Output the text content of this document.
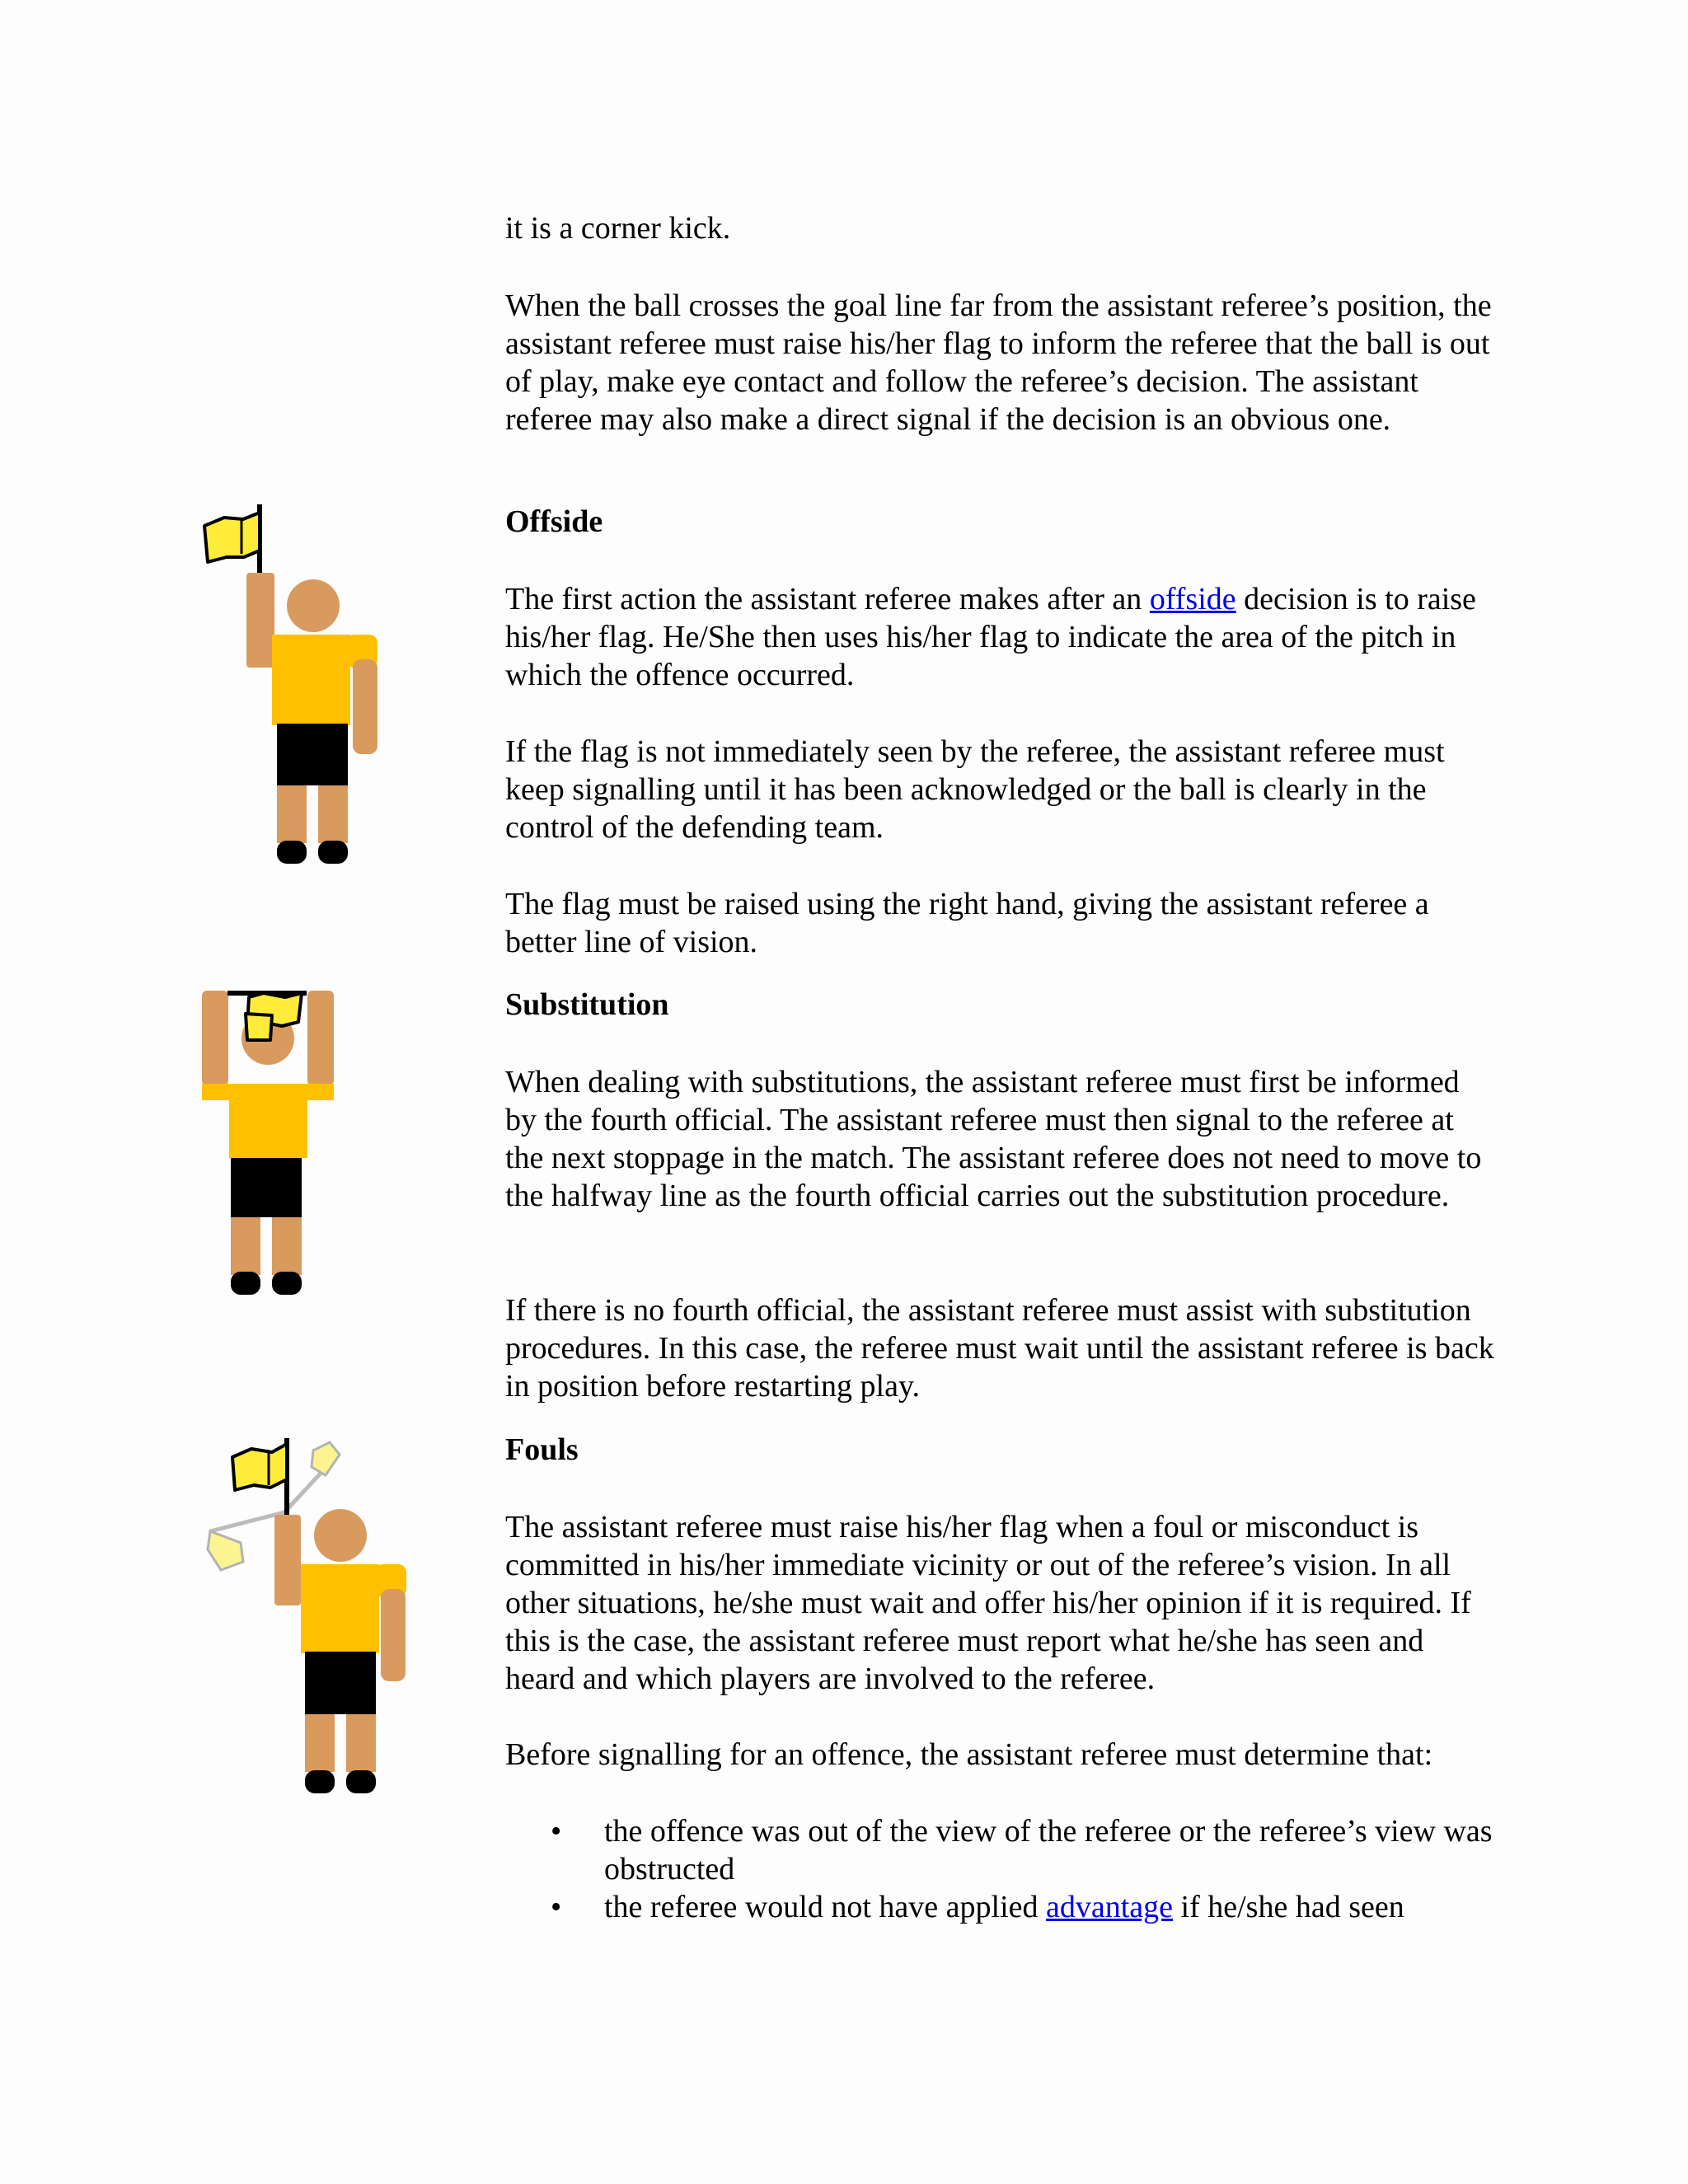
it is a corner kick.

When the ball crosses the goal line far from the assistant referee’s position, the assistant referee must raise his/her flag to inform the referee that the ball is out of play, make eye contact and follow the referee’s decision. The assistant referee may also make a direct signal if the decision is an obvious one.

Offside

The first action the assistant referee makes after an offside decision is to raise his/her flag. He/She then uses his/her flag to indicate the area of the pitch in which the offence occurred.

If the flag is not immediately seen by the referee, the assistant referee must keep signalling until it has been acknowledged or the ball is clearly in the control of the defending team.

The flag must be raised using the right hand, giving the assistant referee a better line of vision.

Substitution

When dealing with substitutions, the assistant referee must first be informed by the fourth official. The assistant referee must then signal to the referee at the next stoppage in the match. The assistant referee does not need to move to the halfway line as the fourth official carries out the substitution procedure.

If there is no fourth official, the assistant referee must assist with substitution procedures. In this case, the referee must wait until the assistant referee is back in position before restarting play.

Fouls

The assistant referee must raise his/her flag when a foul or misconduct is committed in his/her immediate vicinity or out of the referee’s vision. In all other situations, he/she must wait and offer his/her opinion if it is required. If this is the case, the assistant referee must report what he/she has seen and heard and which players are involved to the referee.

Before signalling for an offence, the assistant referee must determine that:

• the offence was out of the view of the referee or the referee’s view was obstructed
• the referee would not have applied advantage if he/she had seen
